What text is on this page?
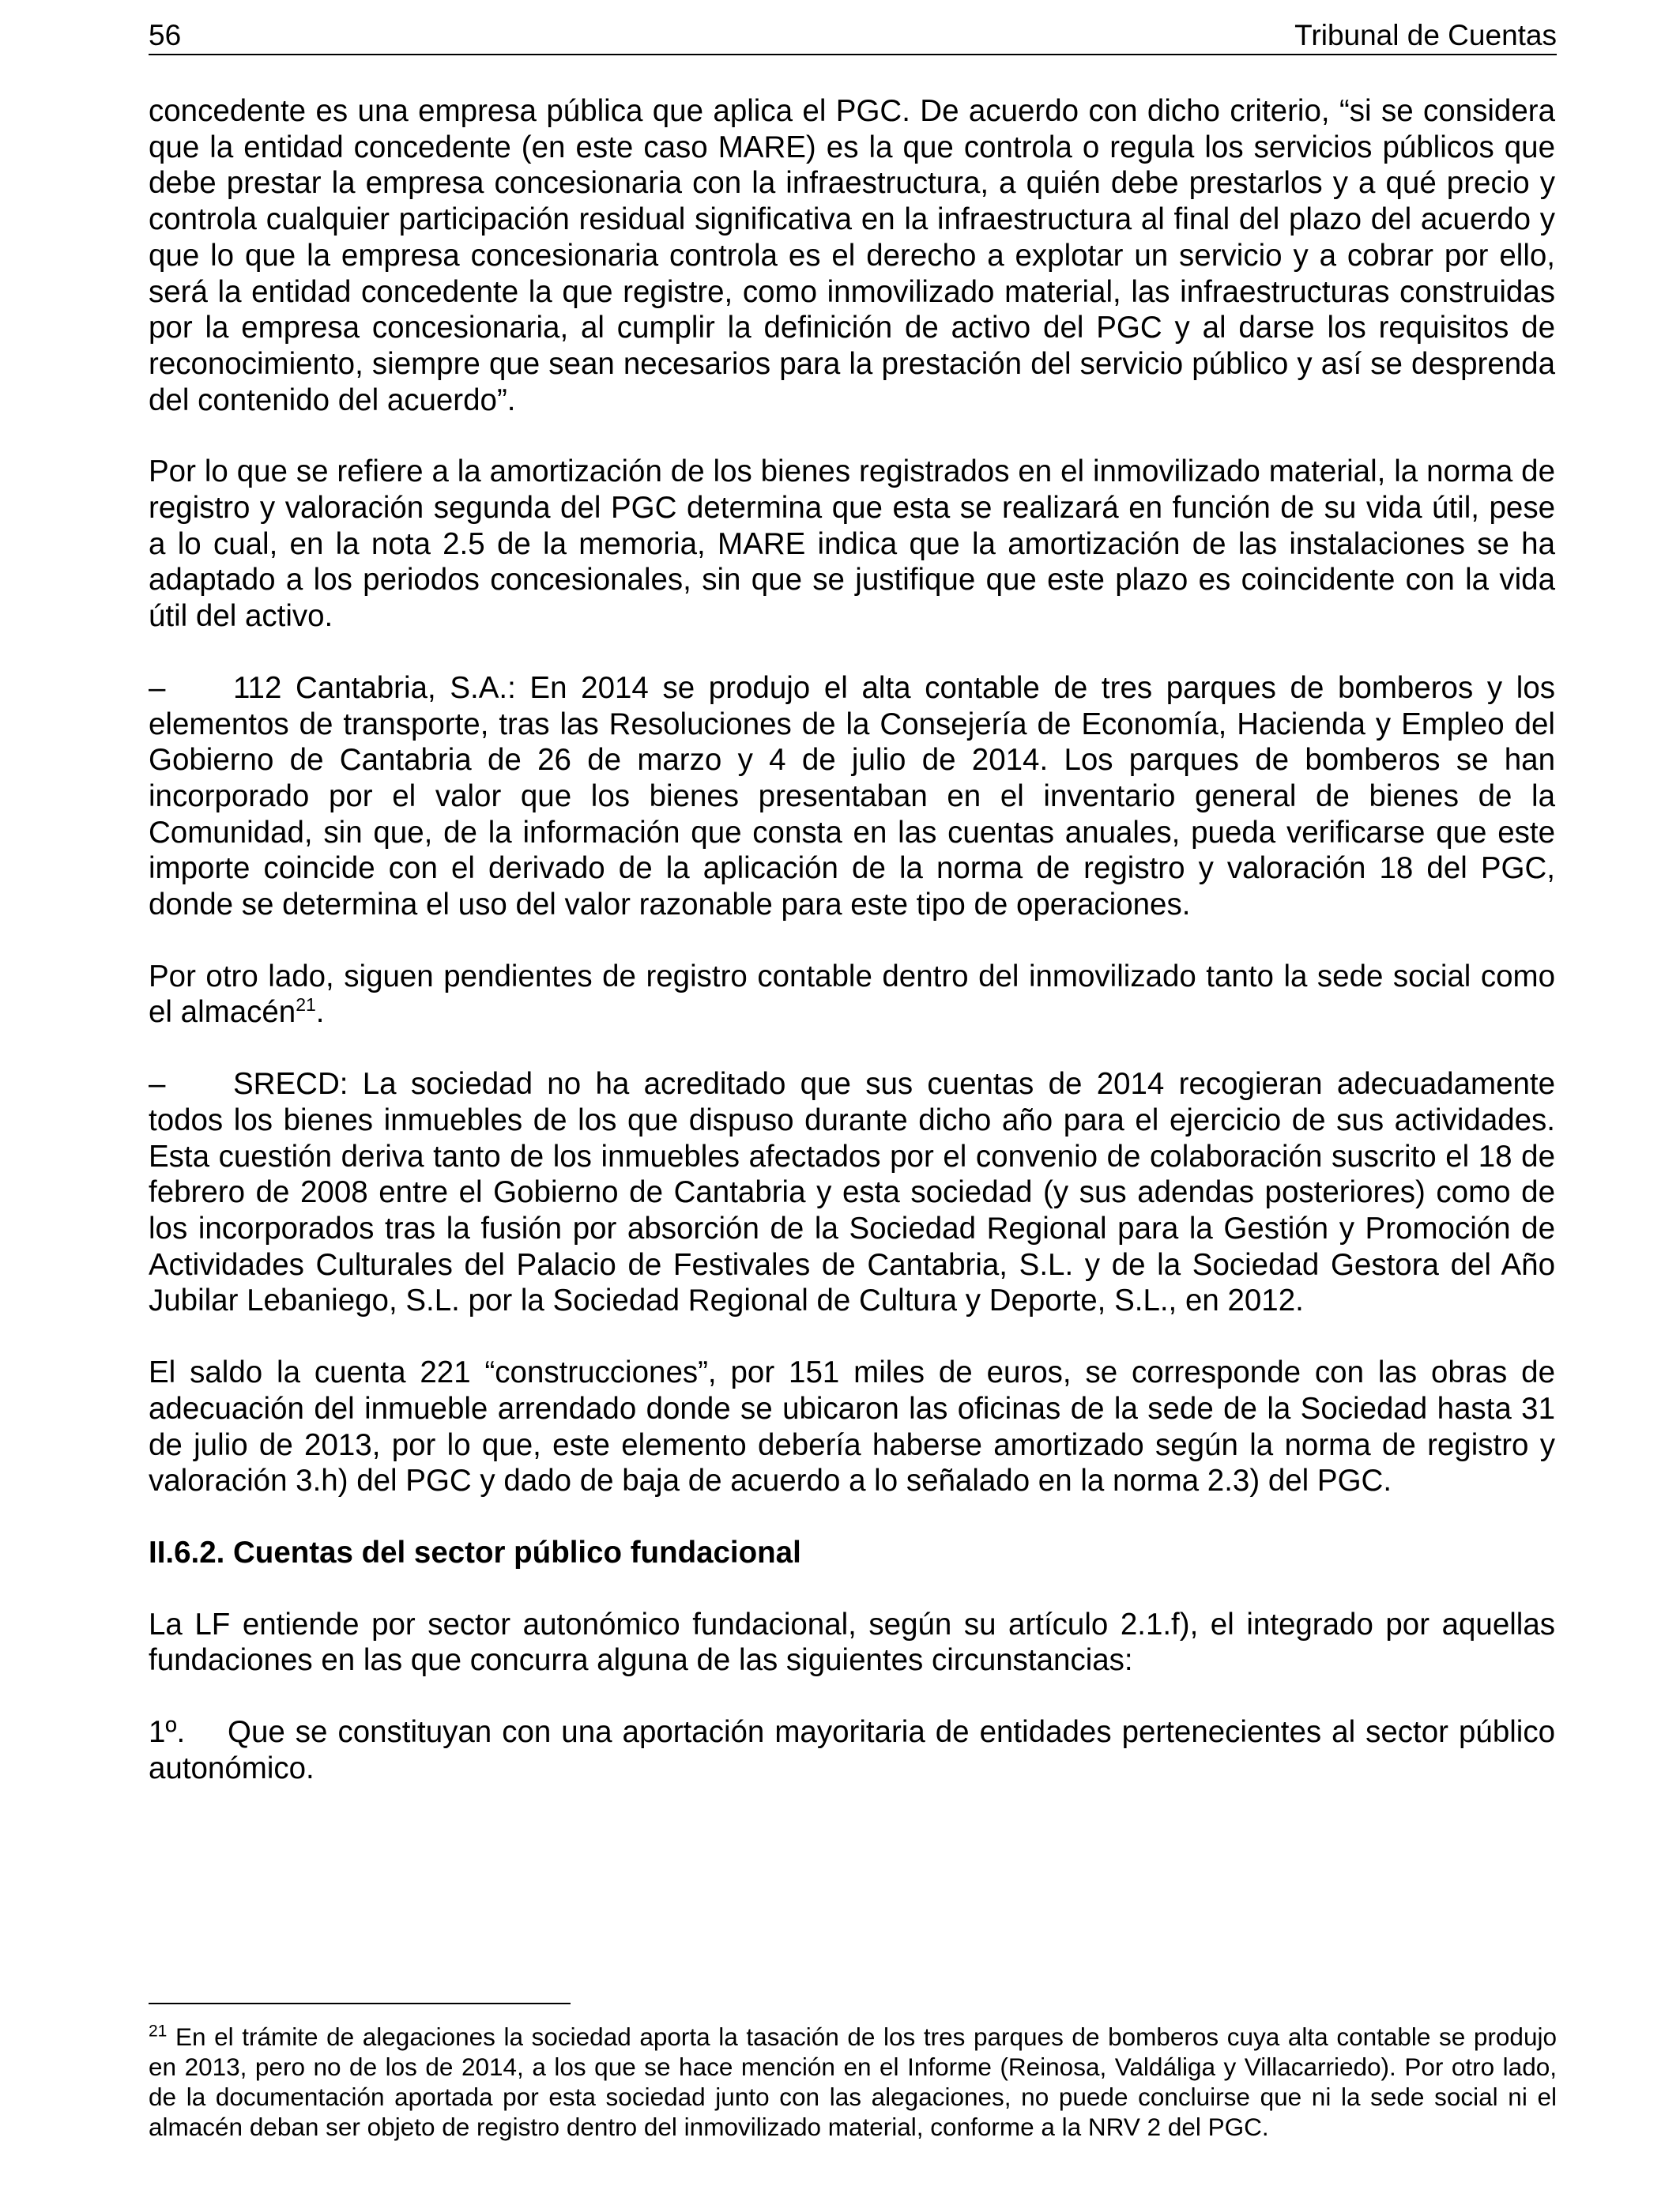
56	Tribunal de Cuentas

concedente es una empresa pública que aplica el PGC. De acuerdo con dicho criterio, “si se considera que la entidad concedente (en este caso MARE) es la que controla o regula los servicios públicos que debe prestar la empresa concesionaria con la infraestructura, a quién debe prestarlos y a qué precio y controla cualquier participación residual significativa en la infraestructura al final del plazo del acuerdo y que lo que la empresa concesionaria controla es el derecho a explotar un servicio y a cobrar por ello, será la entidad concedente la que registre, como inmovilizado material, las infraestructuras construidas por la empresa concesionaria, al cumplir la definición de activo del PGC y al darse los requisitos de reconocimiento, siempre que sean necesarios para la prestación del servicio público y así se desprenda del contenido del acuerdo”.

Por lo que se refiere a la amortización de los bienes registrados en el inmovilizado material, la norma de registro y valoración segunda del PGC determina que esta se realizará en función de su vida útil, pese a lo cual, en la nota 2.5 de la memoria, MARE indica que la amortización de las instalaciones se ha adaptado a los periodos concesionales, sin que se justifique que este plazo es coincidente con la vida útil del activo.

– 112 Cantabria, S.A.: En 2014 se produjo el alta contable de tres parques de bomberos y los elementos de transporte, tras las Resoluciones de la Consejería de Economía, Hacienda y Empleo del Gobierno de Cantabria de 26 de marzo y 4 de julio de 2014. Los parques de bomberos se han incorporado por el valor que los bienes presentaban en el inventario general de bienes de la Comunidad, sin que, de la información que consta en las cuentas anuales, pueda verificarse que este importe coincide con el derivado de la aplicación de la norma de registro y valoración 18 del PGC, donde se determina el uso del valor razonable para este tipo de operaciones.

Por otro lado, siguen pendientes de registro contable dentro del inmovilizado tanto la sede social como el almacén$^{21}$.

– SRECD: La sociedad no ha acreditado que sus cuentas de 2014 recogieran adecuadamente todos los bienes inmuebles de los que dispuso durante dicho año para el ejercicio de sus actividades. Esta cuestión deriva tanto de los inmuebles afectados por el convenio de colaboración suscrito el 18 de febrero de 2008 entre el Gobierno de Cantabria y esta sociedad (y sus adendas posteriores) como de los incorporados tras la fusión por absorción de la Sociedad Regional para la Gestión y Promoción de Actividades Culturales del Palacio de Festivales de Cantabria, S.L. y de la Sociedad Gestora del Año Jubilar Lebaniego, S.L. por la Sociedad Regional de Cultura y Deporte, S.L., en 2012.

El saldo la cuenta 221 “construcciones”, por 151 miles de euros, se corresponde con las obras de adecuación del inmueble arrendado donde se ubicaron las oficinas de la sede de la Sociedad hasta 31 de julio de 2013, por lo que, este elemento debería haberse amortizado según la norma de registro y valoración 3.h) del PGC y dado de baja de acuerdo a lo señalado en la norma 2.3) del PGC.

II.6.2. Cuentas del sector público fundacional

La LF entiende por sector autonómico fundacional, según su artículo 2.1.f), el integrado por aquellas fundaciones en las que concurra alguna de las siguientes circunstancias:

1º. Que se constituyan con una aportación mayoritaria de entidades pertenecientes al sector público autonómico.

$^{21}$ En el trámite de alegaciones la sociedad aporta la tasación de los tres parques de bomberos cuya alta contable se produjo en 2013, pero no de los de 2014, a los que se hace mención en el Informe (Reinosa, Valdáliga y Villacarriedo). Por otro lado, de la documentación aportada por esta sociedad junto con las alegaciones, no puede concluirse que ni la sede social ni el almacén deban ser objeto de registro dentro del inmovilizado material, conforme a la NRV 2 del PGC.
